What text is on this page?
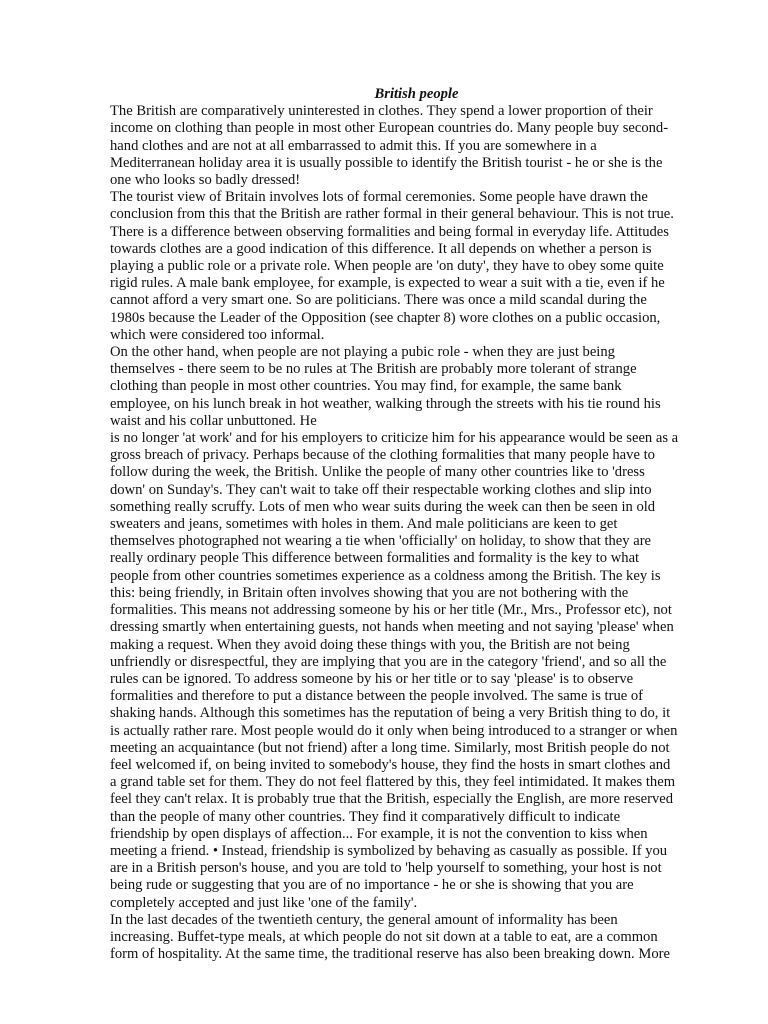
British people

The British are comparatively uninterested in clothes. They spend a lower proportion of their
income on clothing than people in most other European countries do. Many people buy second-
hand clothes and are not at all embarrassed to admit this. If you are somewhere in a
Mediterranean holiday area it is usually possible to identify the British tourist - he or she is the
one who looks so badly dressed!

The tourist view of Britain involves lots of formal ceremonies. Some people have drawn the
conclusion from this that the British are rather formal in their general behaviour. This is not true.
There is a difference between observing formalities and being formal in everyday life. Attitudes
towards clothes are a good indication of this difference. It all depends on whether a person is
playing a public role or a private role. When people are 'on duty', they have to obey some quite
rigid rules. A male bank employee, for example, is expected to wear a suit with a tie, even if he
cannot afford a very smart one. So are politicians. There was once a mild scandal during the
1980s because the Leader of the Opposition (see chapter 8) wore clothes on a public occasion,
which were considered too informal.

On the other hand, when people are not playing a pubic role - when they are just being
themselves - there seem to be no rules at The British are probably more tolerant of strange
clothing than people in most other countries. You may find, for example, the same bank
employee, on his lunch break in hot weather, walking through the streets with his tie round his
waist and his collar unbuttoned. He
is no longer 'at work' and for his employers to criticize him for his appearance would be seen as a
gross breach of privacy. Perhaps because of the clothing formalities that many people have to
follow during the week, the British. Unlike the people of many other countries like to 'dress
down' on Sunday's. They can't wait to take off their respectable working clothes and slip into
something really scruffy. Lots of men who wear suits during the week can then be seen in old
sweaters and jeans, sometimes with holes in them. And male politicians are keen to get
themselves photographed not wearing a tie when 'officially' on holiday, to show that they are
really ordinary people This difference between formalities and formality is the key to what
people from other countries sometimes experience as a coldness among the British. The key is
this: being friendly, in Britain often involves showing that you are not bothering with the
formalities. This means not addressing someone by his or her title (Mr., Mrs., Professor etc), not
dressing smartly when entertaining guests, not hands when meeting and not saying 'please' when
making a request. When they avoid doing these things with you, the British are not being
unfriendly or disrespectful, they are implying that you are in the category 'friend', and so all the
rules can be ignored. To address someone by his or her title or to say 'please' is to observe
formalities and therefore to put a distance between the people involved. The same is true of
shaking hands. Although this sometimes has the reputation of being a very British thing to do, it
is actually rather rare. Most people would do it only when being introduced to a stranger or when
meeting an acquaintance (but not friend) after a long time. Similarly, most British people do not
feel welcomed if, on being invited to somebody's house, they find the hosts in smart clothes and
a grand table set for them. They do not feel flattered by this, they feel intimidated. It makes them
feel they can't relax. It is probably true that the British, especially the English, are more reserved
than the people of many other countries. They find it comparatively difficult to indicate
friendship by open displays of affection... For example, it is not the convention to kiss when
meeting a friend. • Instead, friendship is symbolized by behaving as casually as possible. If you
are in a British person's house, and you are told to 'help yourself to something, your host is not
being rude or suggesting that you are of no importance - he or she is showing that you are
completely accepted and just like 'one of the family'.

In the last decades of the twentieth century, the general amount of informality has been
increasing. Buffet-type meals, at which people do not sit down at a table to eat, are a common
form of hospitality. At the same time, the traditional reserve has also been breaking down. More
